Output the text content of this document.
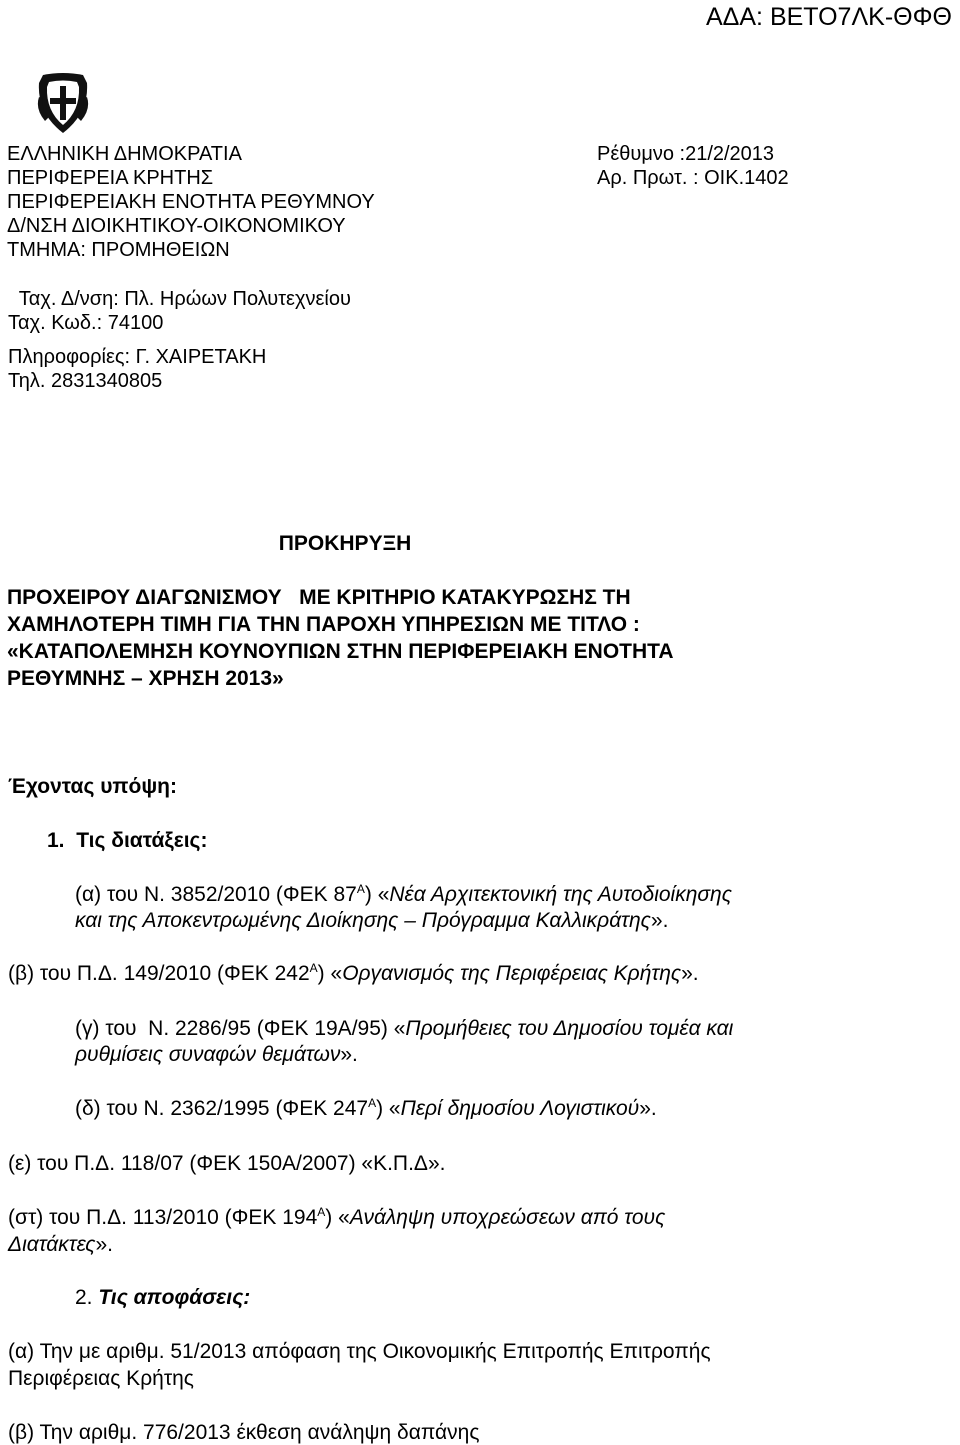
ΑΔΑ: ΒΕΤΟ7ΛΚ-ΘΦΘ
ΕΛΛΗΝΙΚΗ ΔΗΜΟΚΡΑΤΙΑ
ΠΕΡΙΦΕΡΕΙΑ ΚΡΗΤΗΣ
ΠΕΡΙΦΕΡΕΙΑΚΗ ΕΝΟΤΗΤΑ ΡΕΘΥΜΝΟΥ
Δ/ΝΣΗ ΔΙΟΙΚΗΤΙΚΟΥ-ΟΙΚΟΝΟΜΙΚΟΥ
ΤΜΗΜΑ: ΠΡΟΜΗΘΕΙΩΝ
Ρέθυμνο :21/2/2013
Αρ. Πρωτ. : ΟΙΚ.1402
Ταχ. Δ/νση: Πλ. Ηρώων Πολυτεχνείου
Ταχ. Κωδ.: 74100
Πληροφορίες: Γ. ΧΑΙΡΕΤΑΚΗ
Τηλ. 2831340805
ΠΡΟΚΗΡΥΞΗ
ΠΡΟΧΕΙΡΟΥ ΔΙΑΓΩΝΙΣΜΟΥ   ΜΕ ΚΡΙΤΗΡΙΟ ΚΑΤΑΚΥΡΩΣΗΣ ΤΗ
ΧΑΜΗΛΟΤΕΡΗ ΤΙΜΗ ΓΙΑ ΤΗΝ ΠΑΡΟΧΗ ΥΠΗΡΕΣΙΩΝ ΜΕ ΤΙΤΛΟ :
«ΚΑΤΑΠΟΛΕΜΗΣΗ ΚΟΥΝΟΥΠΙΩΝ ΣΤΗΝ ΠΕΡΙΦΕΡΕΙΑΚΗ ΕΝΟΤΗΤΑ
ΡΕΘΥΜΝΗΣ – ΧΡΗΣΗ 2013»
Έχοντας υπόψη:
1. Τις διατάξεις:
(α) του Ν. 3852/2010 (ΦΕΚ $87^A$) «Νέα Αρχιτεκτονική της Αυτοδιοίκησης
και της Αποκεντρωμένης Διοίκησης – Πρόγραμμα Καλλικράτης».
(β) του Π.Δ. 149/2010 (ΦΕΚ $242^A$) «Οργανισμός της Περιφέρειας Κρήτης».
(γ) του  Ν. 2286/95 (ΦΕΚ 19Α/95) «Προμήθειες του Δημοσίου τομέα και
ρυθμίσεις συναφών θεμάτων».
(δ) του Ν. 2362/1995 (ΦΕΚ $247^A$) «Περί δημοσίου Λογιστικού».
(ε) του Π.Δ. 118/07 (ΦΕΚ 150Α/2007) «Κ.Π.Δ».
(στ) του Π.Δ. 113/2010 (ΦΕΚ $194^A$) «Ανάληψη υποχρεώσεων από τους
Διατάκτες».
2. Τις αποφάσεις:
(α) Την με αριθμ. 51/2013 απόφαση της Οικονομικής Επιτροπής Επιτροπής
Περιφέρειας Κρήτης
(β) Την αριθμ. 776/2013 έκθεση ανάληψη δαπάνης
